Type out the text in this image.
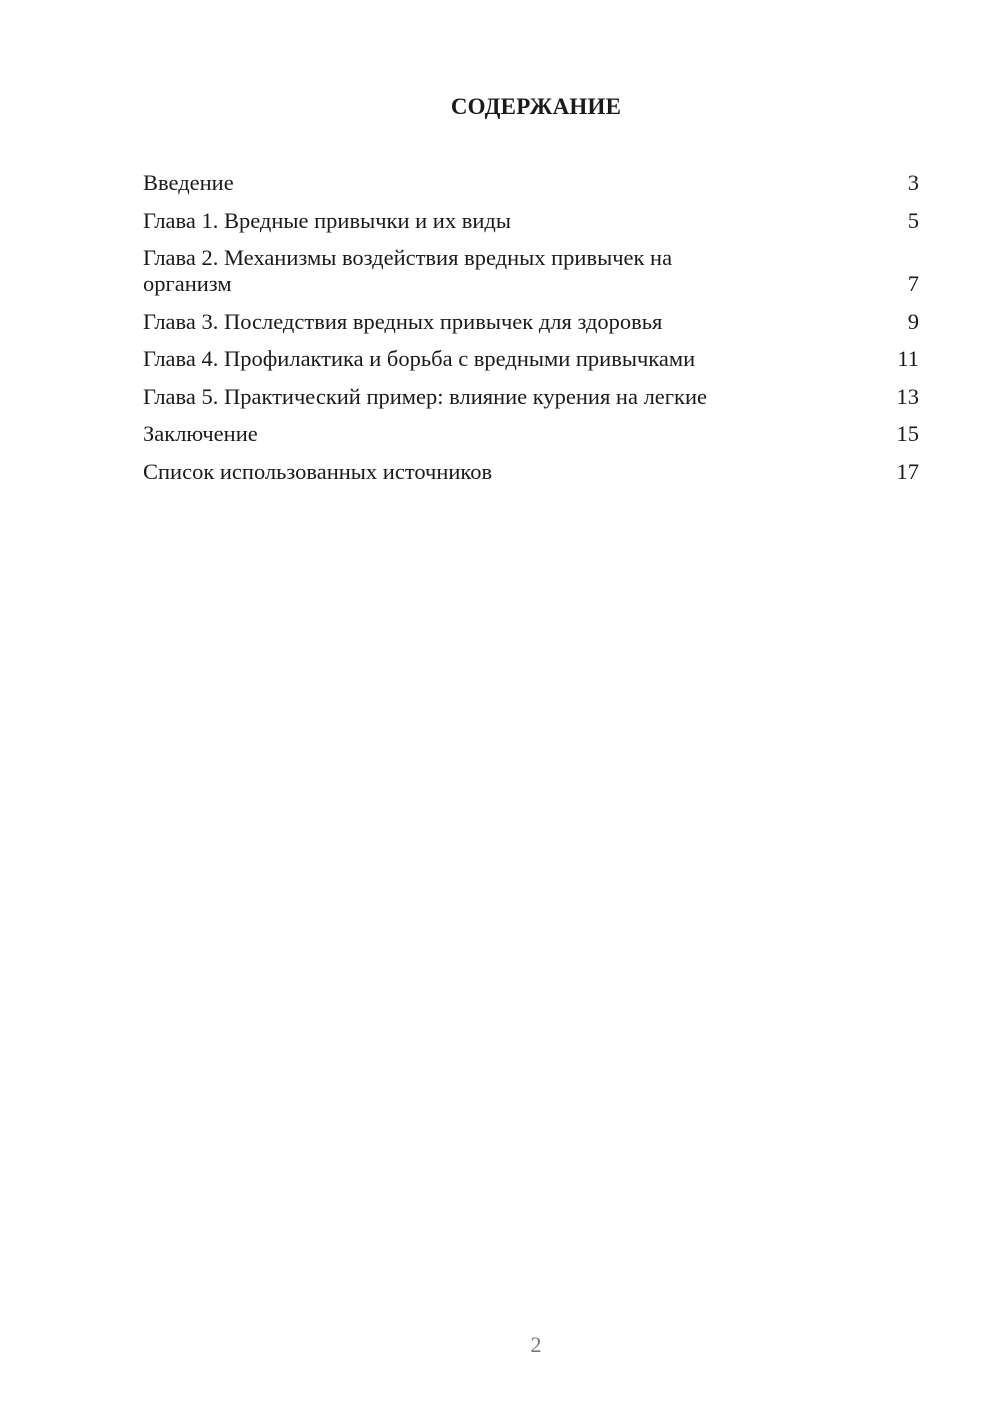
СОДЕРЖАНИЕ
Введение	3
Глава 1. Вредные привычки и их виды	5
Глава 2. Механизмы воздействия вредных привычек на организм	7
Глава 3. Последствия вредных привычек для здоровья	9
Глава 4. Профилактика и борьба с вредными привычками	11
Глава 5. Практический пример: влияние курения на легкие	13
Заключение	15
Список использованных источников	17
2
